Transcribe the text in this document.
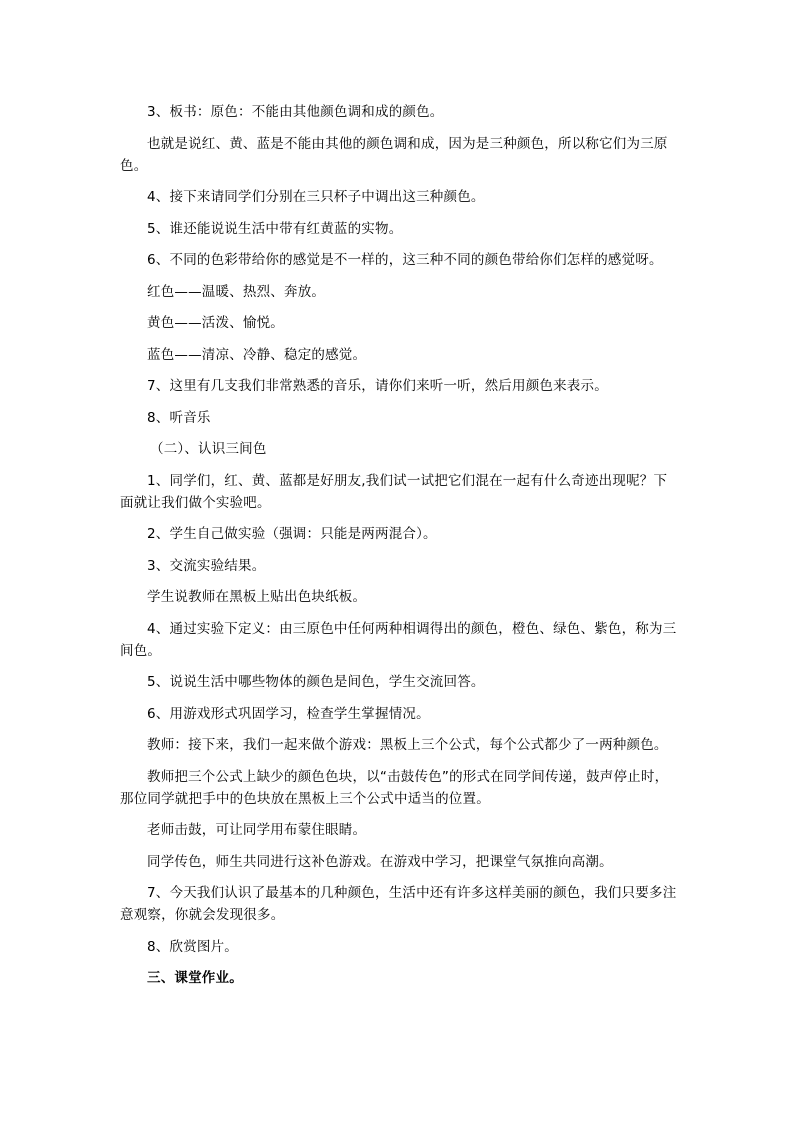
3、板书：原色：不能由其他颜色调和成的颜色。

也就是说红、黄、蓝是不能由其他的颜色调和成，因为是三种颜色，所以称它们为三原色。

4、接下来请同学们分别在三只杯子中调出这三种颜色。

5、谁还能说说生活中带有红黄蓝的实物。

6、不同的色彩带给你的感觉是不一样的，这三种不同的颜色带给你们怎样的感觉呀。

红色——温暖、热烈、奔放。

黄色——活泼、愉悦。

蓝色——清凉、冷静、稳定的感觉。

7、这里有几支我们非常熟悉的音乐，请你们来听一听，然后用颜色来表示。

8、听音乐

（二）、认识三间色

1、同学们，红、黄、蓝都是好朋友,我们试一试把它们混在一起有什么奇迹出现呢？下面就让我们做个实验吧。

2、学生自己做实验（强调：只能是两两混合）。

3、交流实验结果。

学生说教师在黑板上贴出色块纸板。

4、通过实验下定义：由三原色中任何两种相调得出的颜色，橙色、绿色、紫色，称为三间色。

5、说说生活中哪些物体的颜色是间色，学生交流回答。

6、用游戏形式巩固学习，检查学生掌握情况。

教师：接下来，我们一起来做个游戏：黑板上三个公式，每个公式都少了一两种颜色。

教师把三个公式上缺少的颜色色块，以“击鼓传色”的形式在同学间传递，鼓声停止时，那位同学就把手中的色块放在黑板上三个公式中适当的位置。

老师击鼓，可让同学用布蒙住眼睛。

同学传色，师生共同进行这补色游戏。在游戏中学习，把课堂气氛推向高潮。

7、今天我们认识了最基本的几种颜色，生活中还有许多这样美丽的颜色，我们只要多注意观察，你就会发现很多。

8、欣赏图片。

三、课堂作业。
